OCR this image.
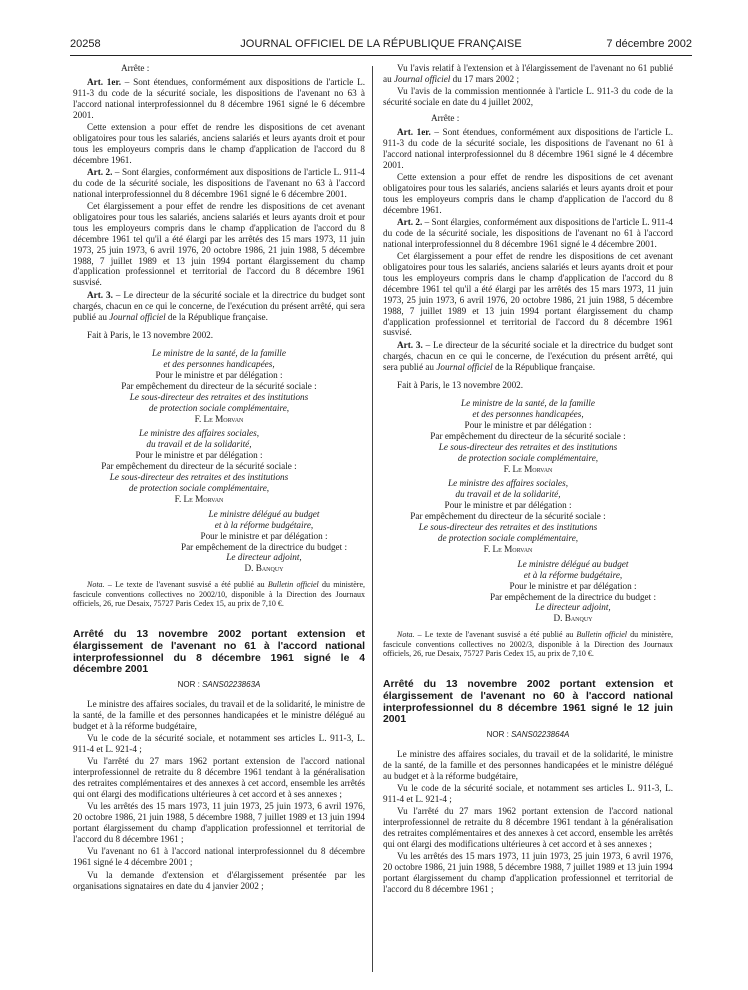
20258	JOURNAL OFFICIEL DE LA RÉPUBLIQUE FRANÇAISE	7 décembre 2002

Arrête :

Art. 1er. – Sont étendues, conformément aux dispositions de l'article L. 911-3 du code de la sécurité sociale, les dispositions de l'avenant no 63 à l'accord national interprofessionnel du 8 décembre 1961 signé le 6 décembre 2001.

Cette extension a pour effet de rendre les dispositions de cet avenant obligatoires pour tous les salariés, anciens salariés et leurs ayants droit et pour tous les employeurs compris dans le champ d'application de l'accord du 8 décembre 1961.

Art. 2. – Sont élargies, conformément aux dispositions de l'article L. 911-4 du code de la sécurité sociale, les dispositions de l'avenant no 63 à l'accord national interprofessionnel du 8 décembre 1961 signé le 6 décembre 2001.

Cet élargissement a pour effet de rendre les dispositions de cet avenant obligatoires pour tous les salariés, anciens salariés et leurs ayants droit et pour tous les employeurs compris dans le champ d'application de l'accord du 8 décembre 1961 tel qu'il a été élargi par les arrêtés des 15 mars 1973, 11 juin 1973, 25 juin 1973, 6 avril 1976, 20 octobre 1986, 21 juin 1988, 5 décembre 1988, 7 juillet 1989 et 13 juin 1994 portant élargissement du champ d'application professionnel et territorial de l'accord du 8 décembre 1961 susvisé.

Art. 3. – Le directeur de la sécurité sociale et la directrice du budget sont chargés, chacun en ce qui le concerne, de l'exécution du présent arrêté, qui sera publié au Journal officiel de la République française.

Fait à Paris, le 13 novembre 2002.

Le ministre de la santé, de la famille

et des personnes handicapées,

Pour le ministre et par délégation :

Par empêchement du directeur de la sécurité sociale :

Le sous-directeur des retraites et des institutions

de protection sociale complémentaire,

F. Le Morvan

Le ministre des affaires sociales,

du travail et de la solidarité,

Pour le ministre et par délégation :

Par empêchement du directeur de la sécurité sociale :

Le sous-directeur des retraites et des institutions

de protection sociale complémentaire,

F. Le Morvan

Le ministre délégué au budget

et à la réforme budgétaire,

Pour le ministre et par délégation :

Par empêchement de la directrice du budget :

Le directeur adjoint,

D. Banquy

Nota. – Le texte de l'avenant susvisé a été publié au Bulletin officiel du ministère, fascicule conventions collectives no 2002/10, disponible à la Direction des Journaux officiels, 26, rue Desaix, 75727 Paris Cedex 15, au prix de 7,10 €.

Arrêté du 13 novembre 2002 portant extension et élargissement de l'avenant no 61 à l'accord national interprofessionnel du 8 décembre 1961 signé le 4 décembre 2001

NOR : SANS0223863A

Le ministre des affaires sociales, du travail et de la solidarité, le ministre de la santé, de la famille et des personnes handicapées et le ministre délégué au budget et à la réforme budgétaire,

Vu le code de la sécurité sociale, et notamment ses articles L. 911-3, L. 911-4 et L. 921-4 ;

Vu l'arrêté du 27 mars 1962 portant extension de l'accord national interprofessionnel de retraite du 8 décembre 1961 tendant à la généralisation des retraites complémentaires et des annexes à cet accord, ensemble les arrêtés qui ont élargi des modifications ultérieures à cet accord et à ses annexes ;

Vu les arrêtés des 15 mars 1973, 11 juin 1973, 25 juin 1973, 6 avril 1976, 20 octobre 1986, 21 juin 1988, 5 décembre 1988, 7 juillet 1989 et 13 juin 1994 portant élargissement du champ d'application professionnel et territorial de l'accord du 8 décembre 1961 ;

Vu l'avenant no 61 à l'accord national interprofessionnel du 8 décembre 1961 signé le 4 décembre 2001 ;

Vu la demande d'extension et d'élargissement présentée par les organisations signataires en date du 4 janvier 2002 ;

Vu l'avis relatif à l'extension et à l'élargissement de l'avenant no 61 publié au Journal officiel du 17 mars 2002 ;

Vu l'avis de la commission mentionnée à l'article L. 911-3 du code de la sécurité sociale en date du 4 juillet 2002,

Arrête :

Art. 1er. – Sont étendues, conformément aux dispositions de l'article L. 911-3 du code de la sécurité sociale, les dispositions de l'avenant no 61 à l'accord national interprofessionnel du 8 décembre 1961 signé le 4 décembre 2001.

Cette extension a pour effet de rendre les dispositions de cet avenant obligatoires pour tous les salariés, anciens salariés et leurs ayants droit et pour tous les employeurs compris dans le champ d'application de l'accord du 8 décembre 1961.

Art. 2. – Sont élargies, conformément aux dispositions de l'article L. 911-4 du code de la sécurité sociale, les dispositions de l'avenant no 61 à l'accord national interprofessionnel du 8 décembre 1961 signé le 4 décembre 2001.

Cet élargissement a pour effet de rendre les dispositions de cet avenant obligatoires pour tous les salariés, anciens salariés et leurs ayants droit et pour tous les employeurs compris dans le champ d'application de l'accord du 8 décembre 1961 tel qu'il a été élargi par les arrêtés des 15 mars 1973, 11 juin 1973, 25 juin 1973, 6 avril 1976, 20 octobre 1986, 21 juin 1988, 5 décembre 1988, 7 juillet 1989 et 13 juin 1994 portant élargissement du champ d'application professionnel et territorial de l'accord du 8 décembre 1961 susvisé.

Art. 3. – Le directeur de la sécurité sociale et la directrice du budget sont chargés, chacun en ce qui le concerne, de l'exécution du présent arrêté, qui sera publié au Journal officiel de la République française.

Fait à Paris, le 13 novembre 2002.

Le ministre de la santé, de la famille

et des personnes handicapées,

Pour le ministre et par délégation :

Par empêchement du directeur de la sécurité sociale :

Le sous-directeur des retraites et des institutions

de protection sociale complémentaire,

F. Le Morvan

Le ministre des affaires sociales,

du travail et de la solidarité,

Pour le ministre et par délégation :

Par empêchement du directeur de la sécurité sociale :

Le sous-directeur des retraites et des institutions

de protection sociale complémentaire,

F. Le Morvan

Le ministre délégué au budget

et à la réforme budgétaire,

Pour le ministre et par délégation :

Par empêchement de la directrice du budget :

Le directeur adjoint,

D. Banquy

Nota. – Le texte de l'avenant susvisé a été publié au Bulletin officiel du ministère, fascicule conventions collectives no 2002/3, disponible à la Direction des Journaux officiels, 26, rue Desaix, 75727 Paris Cedex 15, au prix de 7,10 €.

Arrêté du 13 novembre 2002 portant extension et élargissement de l'avenant no 60 à l'accord national interprofessionnel du 8 décembre 1961 signé le 12 juin 2001

NOR : SANS0223864A

Le ministre des affaires sociales, du travail et de la solidarité, le ministre de la santé, de la famille et des personnes handicapées et le ministre délégué au budget et à la réforme budgétaire,

Vu le code de la sécurité sociale, et notamment ses articles L. 911-3, L. 911-4 et L. 921-4 ;

Vu l'arrêté du 27 mars 1962 portant extension de l'accord national interprofessionnel de retraite du 8 décembre 1961 tendant à la généralisation des retraites complémentaires et des annexes à cet accord, ensemble les arrêtés qui ont élargi des modifications ultérieures à cet accord et à ses annexes ;

Vu les arrêtés des 15 mars 1973, 11 juin 1973, 25 juin 1973, 6 avril 1976, 20 octobre 1986, 21 juin 1988, 5 décembre 1988, 7 juillet 1989 et 13 juin 1994 portant élargissement du champ d'application professionnel et territorial de l'accord du 8 décembre 1961 ;
